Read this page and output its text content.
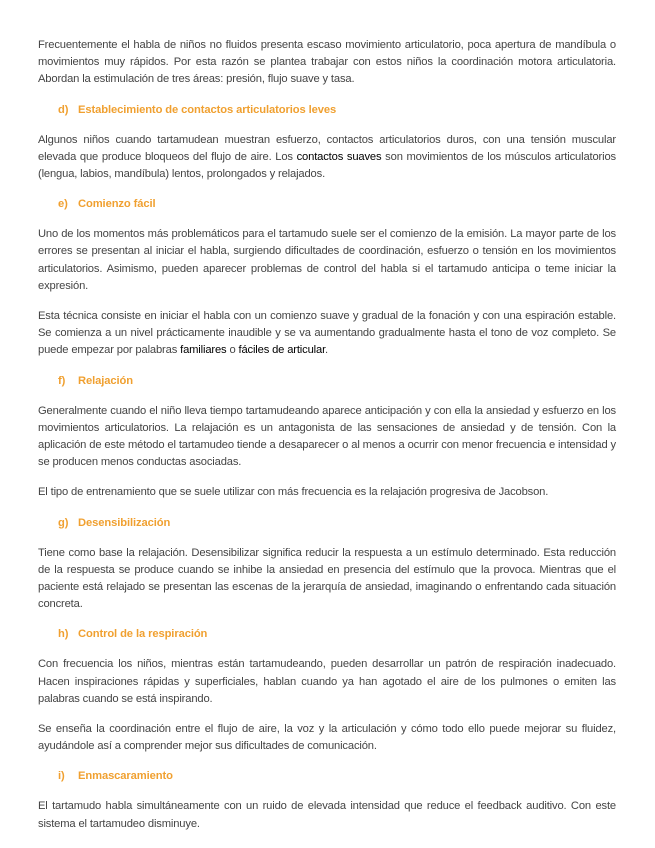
Frecuentemente el habla de niños no fluidos presenta escaso movimiento articulatorio, poca apertura de mandíbula o movimientos muy rápidos. Por esta razón se plantea trabajar con estos niños la coordinación motora articulatoria. Abordan la estimulación de tres áreas: presión, flujo suave y tasa.

d) Establecimiento de contactos articulatorios leves

Algunos niños cuando tartamudean muestran esfuerzo, contactos articulatorios duros, con una tensión muscular elevada que produce bloqueos del flujo de aire. Los contactos suaves son movimientos de los músculos articulatorios (lengua, labios, mandíbula) lentos, prolongados y relajados.

e) Comienzo fácil

Uno de los momentos más problemáticos para el tartamudo suele ser el comienzo de la emisión. La mayor parte de los errores se presentan al iniciar el habla, surgiendo dificultades de coordinación, esfuerzo o tensión en los movimientos articulatorios. Asimismo, pueden aparecer problemas de control del habla si el tartamudo anticipa o teme iniciar la expresión.

Esta técnica consiste en iniciar el habla con un comienzo suave y gradual de la fonación y con una espiración estable. Se comienza a un nivel prácticamente inaudible y se va aumentando gradualmente hasta el tono de voz completo. Se puede empezar por palabras familiares o fáciles de articular.

f) Relajación

Generalmente cuando el niño lleva tiempo tartamudeando aparece anticipación y con ella la ansiedad y esfuerzo en los movimientos articulatorios. La relajación es un antagonista de las sensaciones de ansiedad y de tensión. Con la aplicación de este método el tartamudeo tiende a desaparecer o al menos a ocurrir con menor frecuencia e intensidad y se producen menos conductas asociadas.

El tipo de entrenamiento que se suele utilizar con más frecuencia es la relajación progresiva de Jacobson.

g) Desensibilización

Tiene como base la relajación. Desensibilizar significa reducir la respuesta a un estímulo determinado. Esta reducción de la respuesta se produce cuando se inhibe la ansiedad en presencia del estímulo que la provoca. Mientras que el paciente está relajado se presentan las escenas de la jerarquía de ansiedad, imaginando o enfrentando cada situación concreta.

h) Control de la respiración

Con frecuencia los niños, mientras están tartamudeando, pueden desarrollar un patrón de respiración inadecuado. Hacen inspiraciones rápidas y superficiales, hablan cuando ya han agotado el aire de los pulmones o emiten las palabras cuando se está inspirando.

Se enseña la coordinación entre el flujo de aire, la voz y la articulación y cómo todo ello puede mejorar su fluidez, ayudándole así a comprender mejor sus dificultades de comunicación.

i) Enmascaramiento

El tartamudo habla simultáneamente con un ruido de elevada intensidad que reduce el feedback auditivo. Con este sistema el tartamudeo disminuye.
